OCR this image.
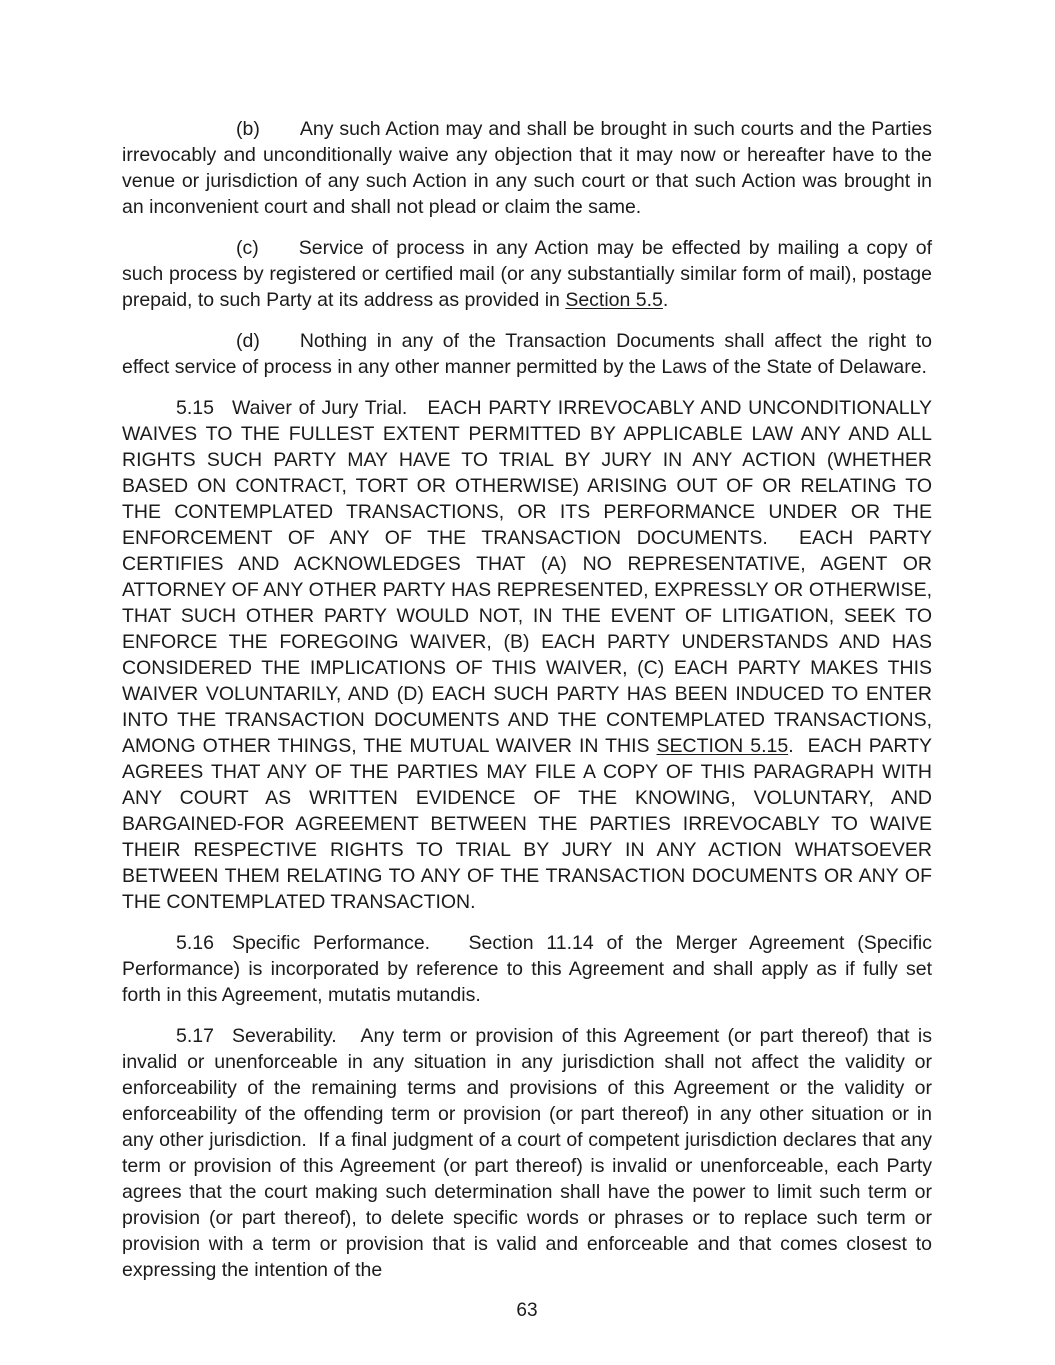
(b) Any such Action may and shall be brought in such courts and the Parties irrevocably and unconditionally waive any objection that it may now or hereafter have to the venue or jurisdiction of any such Action in any such court or that such Action was brought in an inconvenient court and shall not plead or claim the same.

(c) Service of process in any Action may be effected by mailing a copy of such process by registered or certified mail (or any substantially similar form of mail), postage prepaid, to such Party at its address as provided in Section 5.5.

(d) Nothing in any of the Transaction Documents shall affect the right to effect service of process in any other manner permitted by the Laws of the State of Delaware.

5.15 Waiver of Jury Trial. EACH PARTY IRREVOCABLY AND UNCONDITIONALLY WAIVES TO THE FULLEST EXTENT PERMITTED BY APPLICABLE LAW ANY AND ALL RIGHTS SUCH PARTY MAY HAVE TO TRIAL BY JURY IN ANY ACTION (WHETHER BASED ON CONTRACT, TORT OR OTHERWISE) ARISING OUT OF OR RELATING TO THE CONTEMPLATED TRANSACTIONS, OR ITS PERFORMANCE UNDER OR THE ENFORCEMENT OF ANY OF THE TRANSACTION DOCUMENTS.  EACH PARTY CERTIFIES AND ACKNOWLEDGES THAT (A) NO REPRESENTATIVE, AGENT OR ATTORNEY OF ANY OTHER PARTY HAS REPRESENTED, EXPRESSLY OR OTHERWISE, THAT SUCH OTHER PARTY WOULD NOT, IN THE EVENT OF LITIGATION, SEEK TO ENFORCE THE FOREGOING WAIVER, (B) EACH PARTY UNDERSTANDS AND HAS CONSIDERED THE IMPLICATIONS OF THIS WAIVER, (C) EACH PARTY MAKES THIS WAIVER VOLUNTARILY, AND (D) EACH SUCH PARTY HAS BEEN INDUCED TO ENTER INTO THE TRANSACTION DOCUMENTS AND THE CONTEMPLATED TRANSACTIONS, AMONG OTHER THINGS, THE MUTUAL WAIVER IN THIS SECTION 5.15.  EACH PARTY AGREES THAT ANY OF THE PARTIES MAY FILE A COPY OF THIS PARAGRAPH WITH ANY COURT AS WRITTEN EVIDENCE OF THE KNOWING, VOLUNTARY, AND BARGAINED-FOR AGREEMENT BETWEEN THE PARTIES IRREVOCABLY TO WAIVE THEIR RESPECTIVE RIGHTS TO TRIAL BY JURY IN ANY ACTION WHATSOEVER BETWEEN THEM RELATING TO ANY OF THE TRANSACTION DOCUMENTS OR ANY OF THE CONTEMPLATED TRANSACTION.

5.16 Specific Performance. Section 11.14 of the Merger Agreement (Specific Performance) is incorporated by reference to this Agreement and shall apply as if fully set forth in this Agreement, mutatis mutandis.

5.17 Severability. Any term or provision of this Agreement (or part thereof) that is invalid or unenforceable in any situation in any jurisdiction shall not affect the validity or enforceability of the remaining terms and provisions of this Agreement or the validity or enforceability of the offending term or provision (or part thereof) in any other situation or in any other jurisdiction.  If a final judgment of a court of competent jurisdiction declares that any term or provision of this Agreement (or part thereof) is invalid or unenforceable, each Party agrees that the court making such determination shall have the power to limit such term or provision (or part thereof), to delete specific words or phrases or to replace such term or provision with a term or provision that is valid and enforceable and that comes closest to expressing the intention of the

63
